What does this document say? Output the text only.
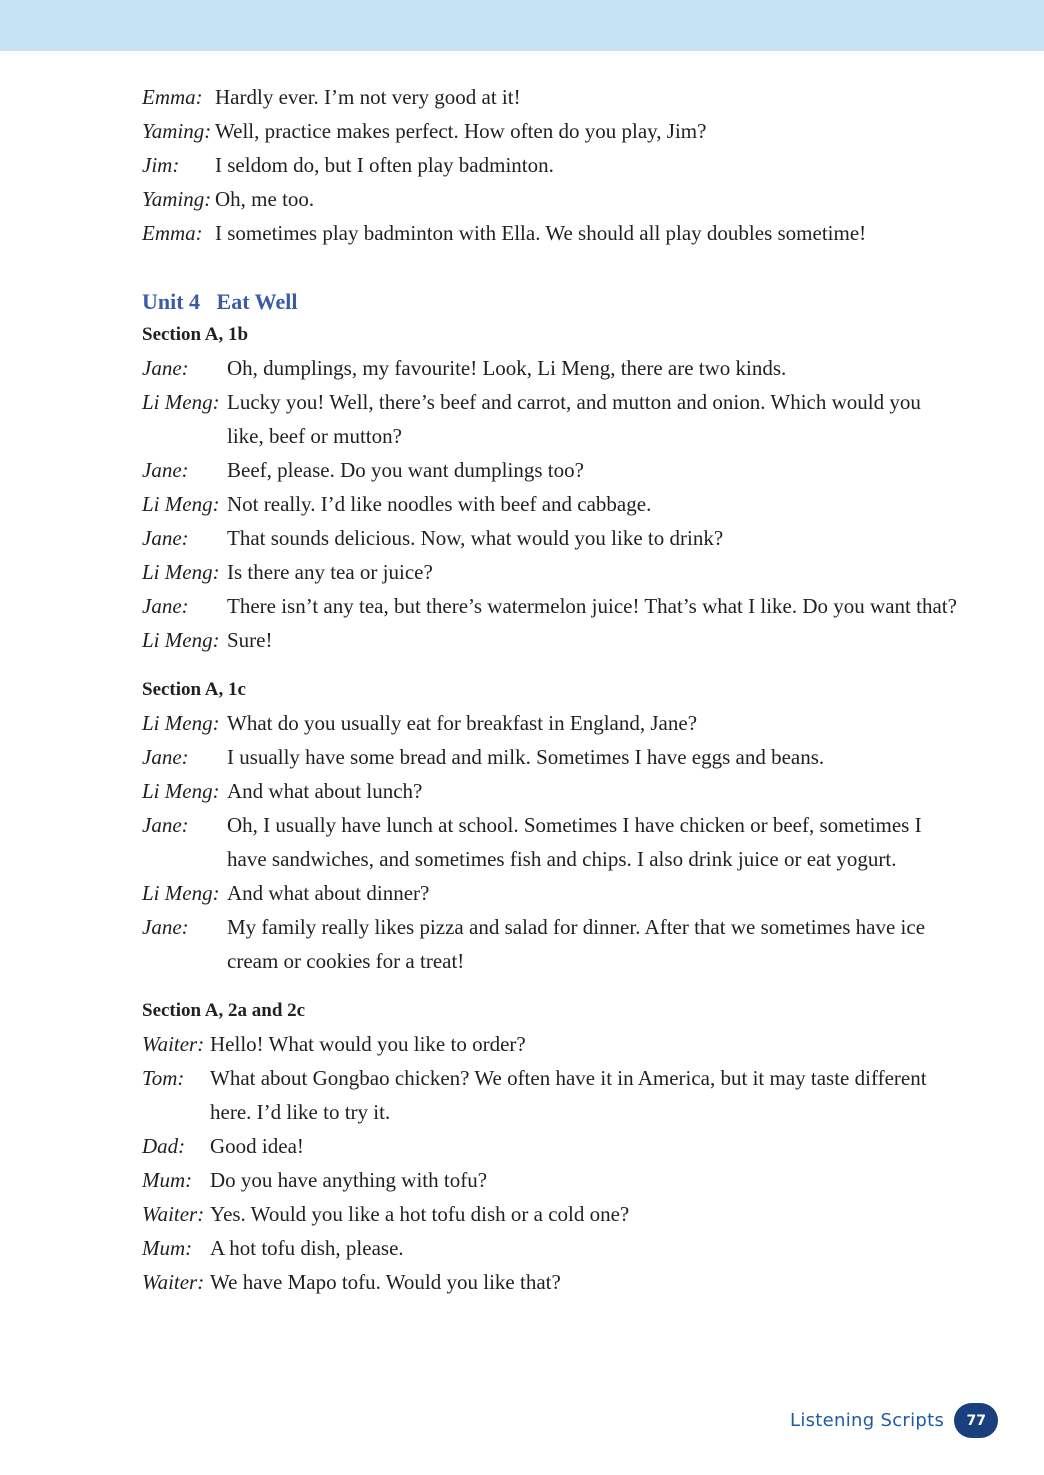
Emma: Hardly ever. I’m not very good at it!
Yaming: Well, practice makes perfect. How often do you play, Jim?
Jim:	I seldom do, but I often play badminton.
Yaming: Oh, me too.
Emma: I sometimes play badminton with Ella. We should all play doubles sometime!
Unit 4   Eat Well
Section A, 1b
Jane:	Oh, dumplings, my favourite! Look, Li Meng, there are two kinds.
Li Meng: Lucky you! Well, there’s beef and carrot, and mutton and onion. Which would you like, beef or mutton?
Jane:	Beef, please. Do you want dumplings too?
Li Meng: Not really. I’d like noodles with beef and cabbage.
Jane:	That sounds delicious. Now, what would you like to drink?
Li Meng: Is there any tea or juice?
Jane:	There isn’t any tea, but there’s watermelon juice! That’s what I like. Do you want that?
Li Meng: Sure!
Section A, 1c
Li Meng: What do you usually eat for breakfast in England, Jane?
Jane:	I usually have some bread and milk. Sometimes I have eggs and beans.
Li Meng: And what about lunch?
Jane:	Oh, I usually have lunch at school. Sometimes I have chicken or beef, sometimes I have sandwiches, and sometimes fish and chips. I also drink juice or eat yogurt.
Li Meng: And what about dinner?
Jane:	My family really likes pizza and salad for dinner. After that we sometimes have ice cream or cookies for a treat!
Section A, 2a and 2c
Waiter: Hello! What would you like to order?
Tom:	What about Gongbao chicken? We often have it in America, but it may taste different here. I’d like to try it.
Dad:	Good idea!
Mum: Do you have anything with tofu?
Waiter: Yes. Would you like a hot tofu dish or a cold one?
Mum: A hot tofu dish, please.
Waiter: We have Mapo tofu. Would you like that?
Listening Scripts	77
